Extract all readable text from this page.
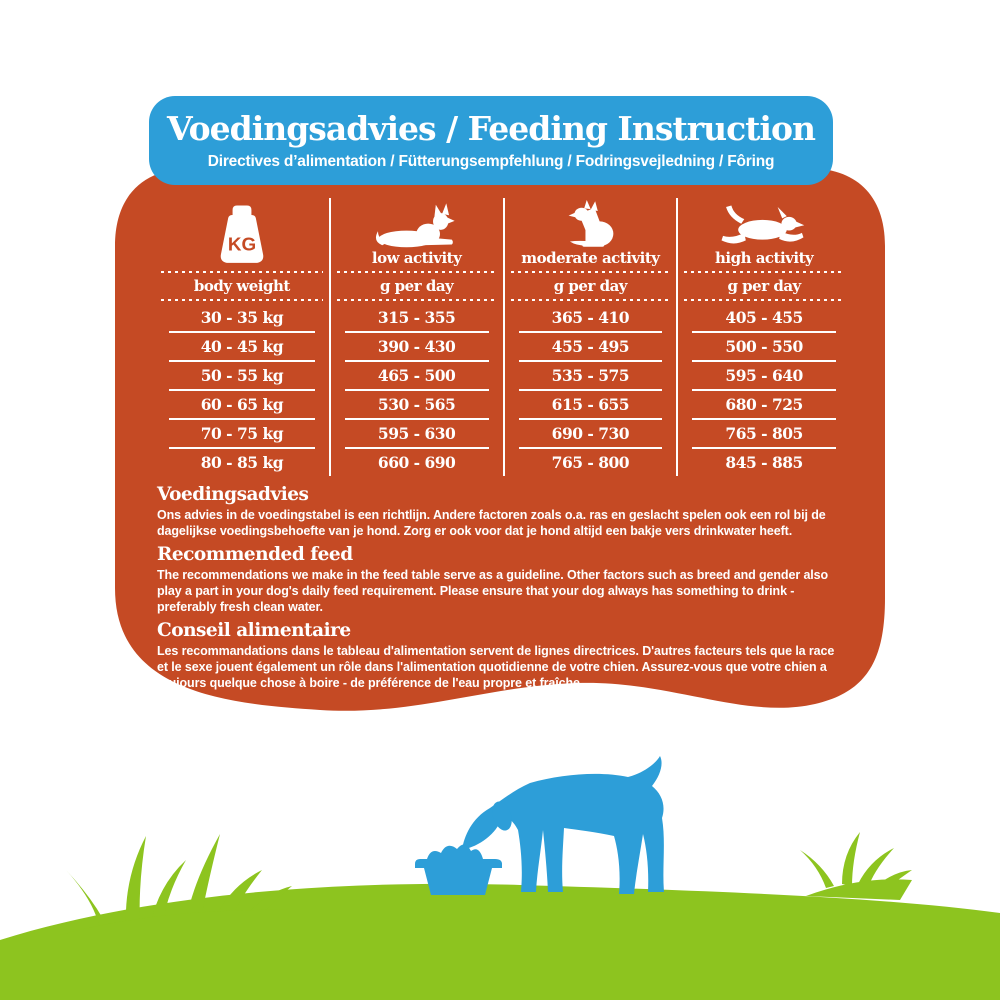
Voedingsadvies / Feeding Instruction
Directives d’alimentation / Fütterungsempfehlung / Fodringsvejledning / Fôring
KG
body weight
30 - 35 kg
40 - 45 kg
50 - 55 kg
60 - 65 kg
70 - 75 kg
80 - 85 kg
low activity
g per day
315 - 355
390 - 430
465 - 500
530 - 565
595 - 630
660 - 690
moderate activity
g per day
365 - 410
455 - 495
535 - 575
615 - 655
690 - 730
765 - 800
high activity
g per day
405 - 455
500 - 550
595 - 640
680 - 725
765 - 805
845 - 885
Voedingsadvies

Ons advies in de voedingstabel is een richtlijn. Andere factoren zoals o.a. ras en geslacht spelen ook een rol bij de dagelijkse voedingsbehoefte van je hond. Zorg er ook voor dat je hond altijd een bakje vers drinkwater heeft.

Recommended feed

The recommendations we make in the feed table serve as a guideline. Other factors such as breed and gender also play a part in your dog's daily feed requirement. Please ensure that your dog always has something to drink - preferably fresh clean water.

Conseil alimentaire

Les recommandations dans le tableau d'alimentation servent de lignes directrices. D'autres facteurs tels que la race et le sexe jouent également un rôle dans l'alimentation quotidienne de votre chien. Assurez-vous que votre chien a toujours quelque chose à boire - de préférence de l'eau propre et fraîche.
